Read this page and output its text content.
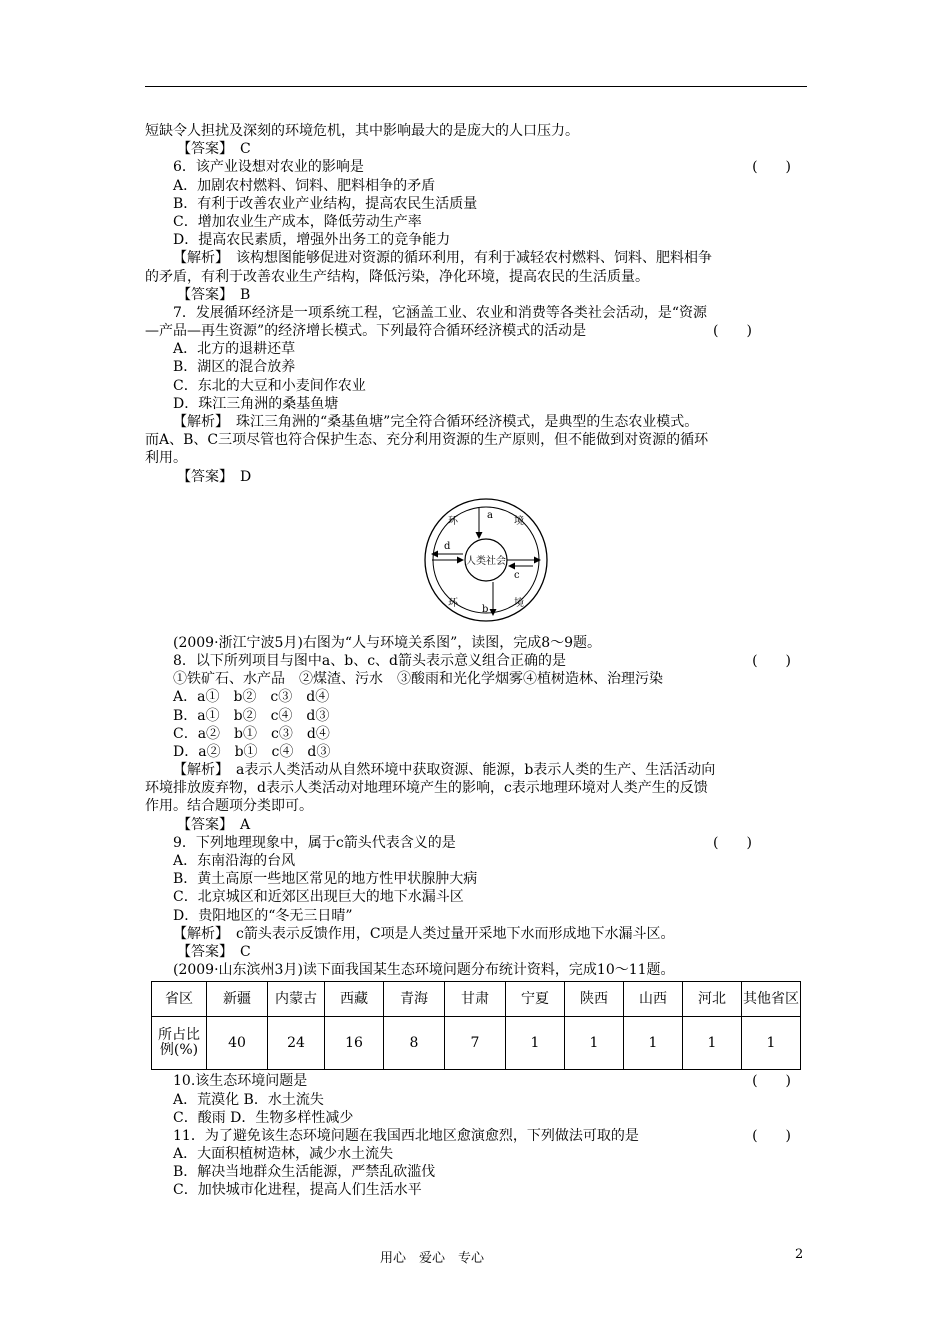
短缺令人担扰及深刻的环境危机，其中影响最大的是庞大的人口压力。
【答案】　C
6．该产业设想对农业的影响是	(　　)
A．加剧农村燃料、饲料、肥料相争的矛盾
B．有利于改善农业产业结构，提高农民生活质量
C．增加农业生产成本，降低劳动生产率
D．提高农民素质，增强外出务工的竞争能力
【解析】　该构想图能够促进对资源的循环利用，有利于减轻农村燃料、饲料、肥料相争
的矛盾，有利于改善农业生产结构，降低污染，净化环境，提高农民的生活质量。
【答案】　B
7．发展循环经济是一项系统工程，它涵盖工业、农业和消费等各类社会活动，是“资源
—产品—再生资源”的经济增长模式。下列最符合循环经济模式的活动是	(　　)
A．北方的退耕还草
B．湖区的混合放养
C．东北的大豆和小麦间作农业
D．珠江三角洲的桑基鱼塘
【解析】　珠江三角洲的“桑基鱼塘”完全符合循环经济模式，是典型的生态农业模式。
而A、B、C三项尽管也符合保护生态、充分利用资源的生产原则，但不能做到对资源的循环
利用。
【答案】　D
人类社会
环	境
环	境
a
b
c
d
(2009·浙江宁波5月)右图为“人与环境关系图”，读图，完成8～9题。
8．以下所列项目与图中a、b、c、d箭头表示意义组合正确的是	(　　)
①铁矿石、水产品　②煤渣、污水　③酸雨和光化学烟雾④植树造林、治理污染
A．a①　b②　c③　d④
B．a①　b②　c④　d③
C．a②　b①　c③　d④
D．a②　b①　c④　d③
【解析】　a表示人类活动从自然环境中获取资源、能源，b表示人类的生产、生活活动向
环境排放废弃物，d表示人类活动对地理环境产生的影响，c表示地理环境对人类产生的反馈
作用。结合题项分类即可。
【答案】　A
9．下列地理现象中，属于c箭头代表含义的是	(　　)
A．东南沿海的台风
B．黄土高原一些地区常见的地方性甲状腺肿大病
C．北京城区和近郊区出现巨大的地下水漏斗区
D．贵阳地区的“冬无三日晴”
【解析】　c箭头表示反馈作用，C项是人类过量开采地下水而形成地下水漏斗区。
【答案】　C
(2009·山东滨州3月)读下面我国某生态环境问题分布统计资料，完成10～11题。
省区	新疆	内蒙古	西藏	青海	甘肃	宁夏	陕西	山西	河北	其他省区
所占比例(%)	40	24	16	8	7	1	1	1	1	1
10.该生态环境问题是	(　　)
A．荒漠化 B．水土流失
C．酸雨 D．生物多样性减少
11．为了避免该生态环境问题在我国西北地区愈演愈烈，下列做法可取的是	(　　)
A．大面积植树造林，减少水土流失
B．解决当地群众生活能源，严禁乱砍滥伐
C．加快城市化进程，提高人们生活水平
用心　爱心　专心	2
